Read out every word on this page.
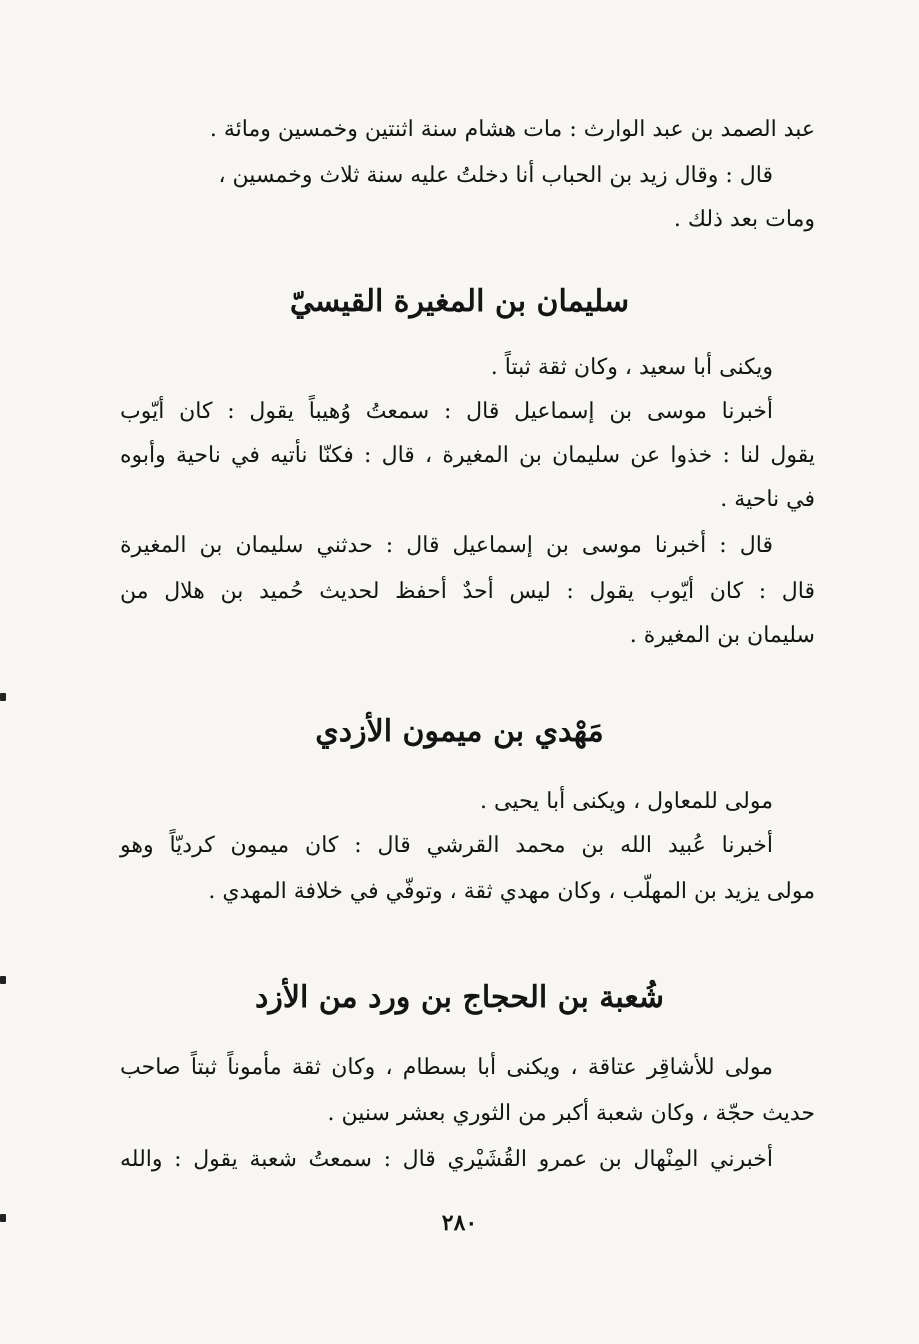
عبد الصمد بن عبد الوارث : مات هشام سنة اثنتين وخمسين ومائة .
قال : وقال زيد بن الحباب أنا دخلتُ عليه سنة ثلاث وخمسين ،
ومات بعد ذلك .
سليمان بن المغيرة القيسيّ
ويكنى أبا سعيد ، وكان ثقة ثبتاً .
أخبرنا موسى بن إسماعيل قال : سمعتُ وُهيباً يقول : كان أيّوب
يقول لنا : خذوا عن سليمان بن المغيرة ، قال : فكنّا نأتيه في ناحية وأبوه
في ناحية .
قال : أخبرنا موسى بن إسماعيل قال : حدثني سليمان بن المغيرة
قال : كان أيّوب يقول : ليس أحدٌ أحفظ لحديث حُميد بن هلال من
سليمان بن المغيرة .
مَهْدي بن ميمون الأزدي
مولى للمعاول ، ويكنى أبا يحيى .
أخبرنا عُبيد الله بن محمد القرشي قال : كان ميمون كرديّاً وهو
مولى يزيد بن المهلّب ، وكان مهدي ثقة ، وتوفّي في خلافة المهدي .
شُعبة بن الحجاج بن ورد من الأزد
مولى للأشاقِر عتاقة ، ويكنى أبا بسطام ، وكان ثقة مأموناً ثبتاً صاحب
حديث حجّة ، وكان شعبة أكبر من الثوري بعشر سنين .
أخبرني المِنْهال بن عمرو القُشَيْري قال : سمعتُ شعبة يقول : والله
٢٨٠
